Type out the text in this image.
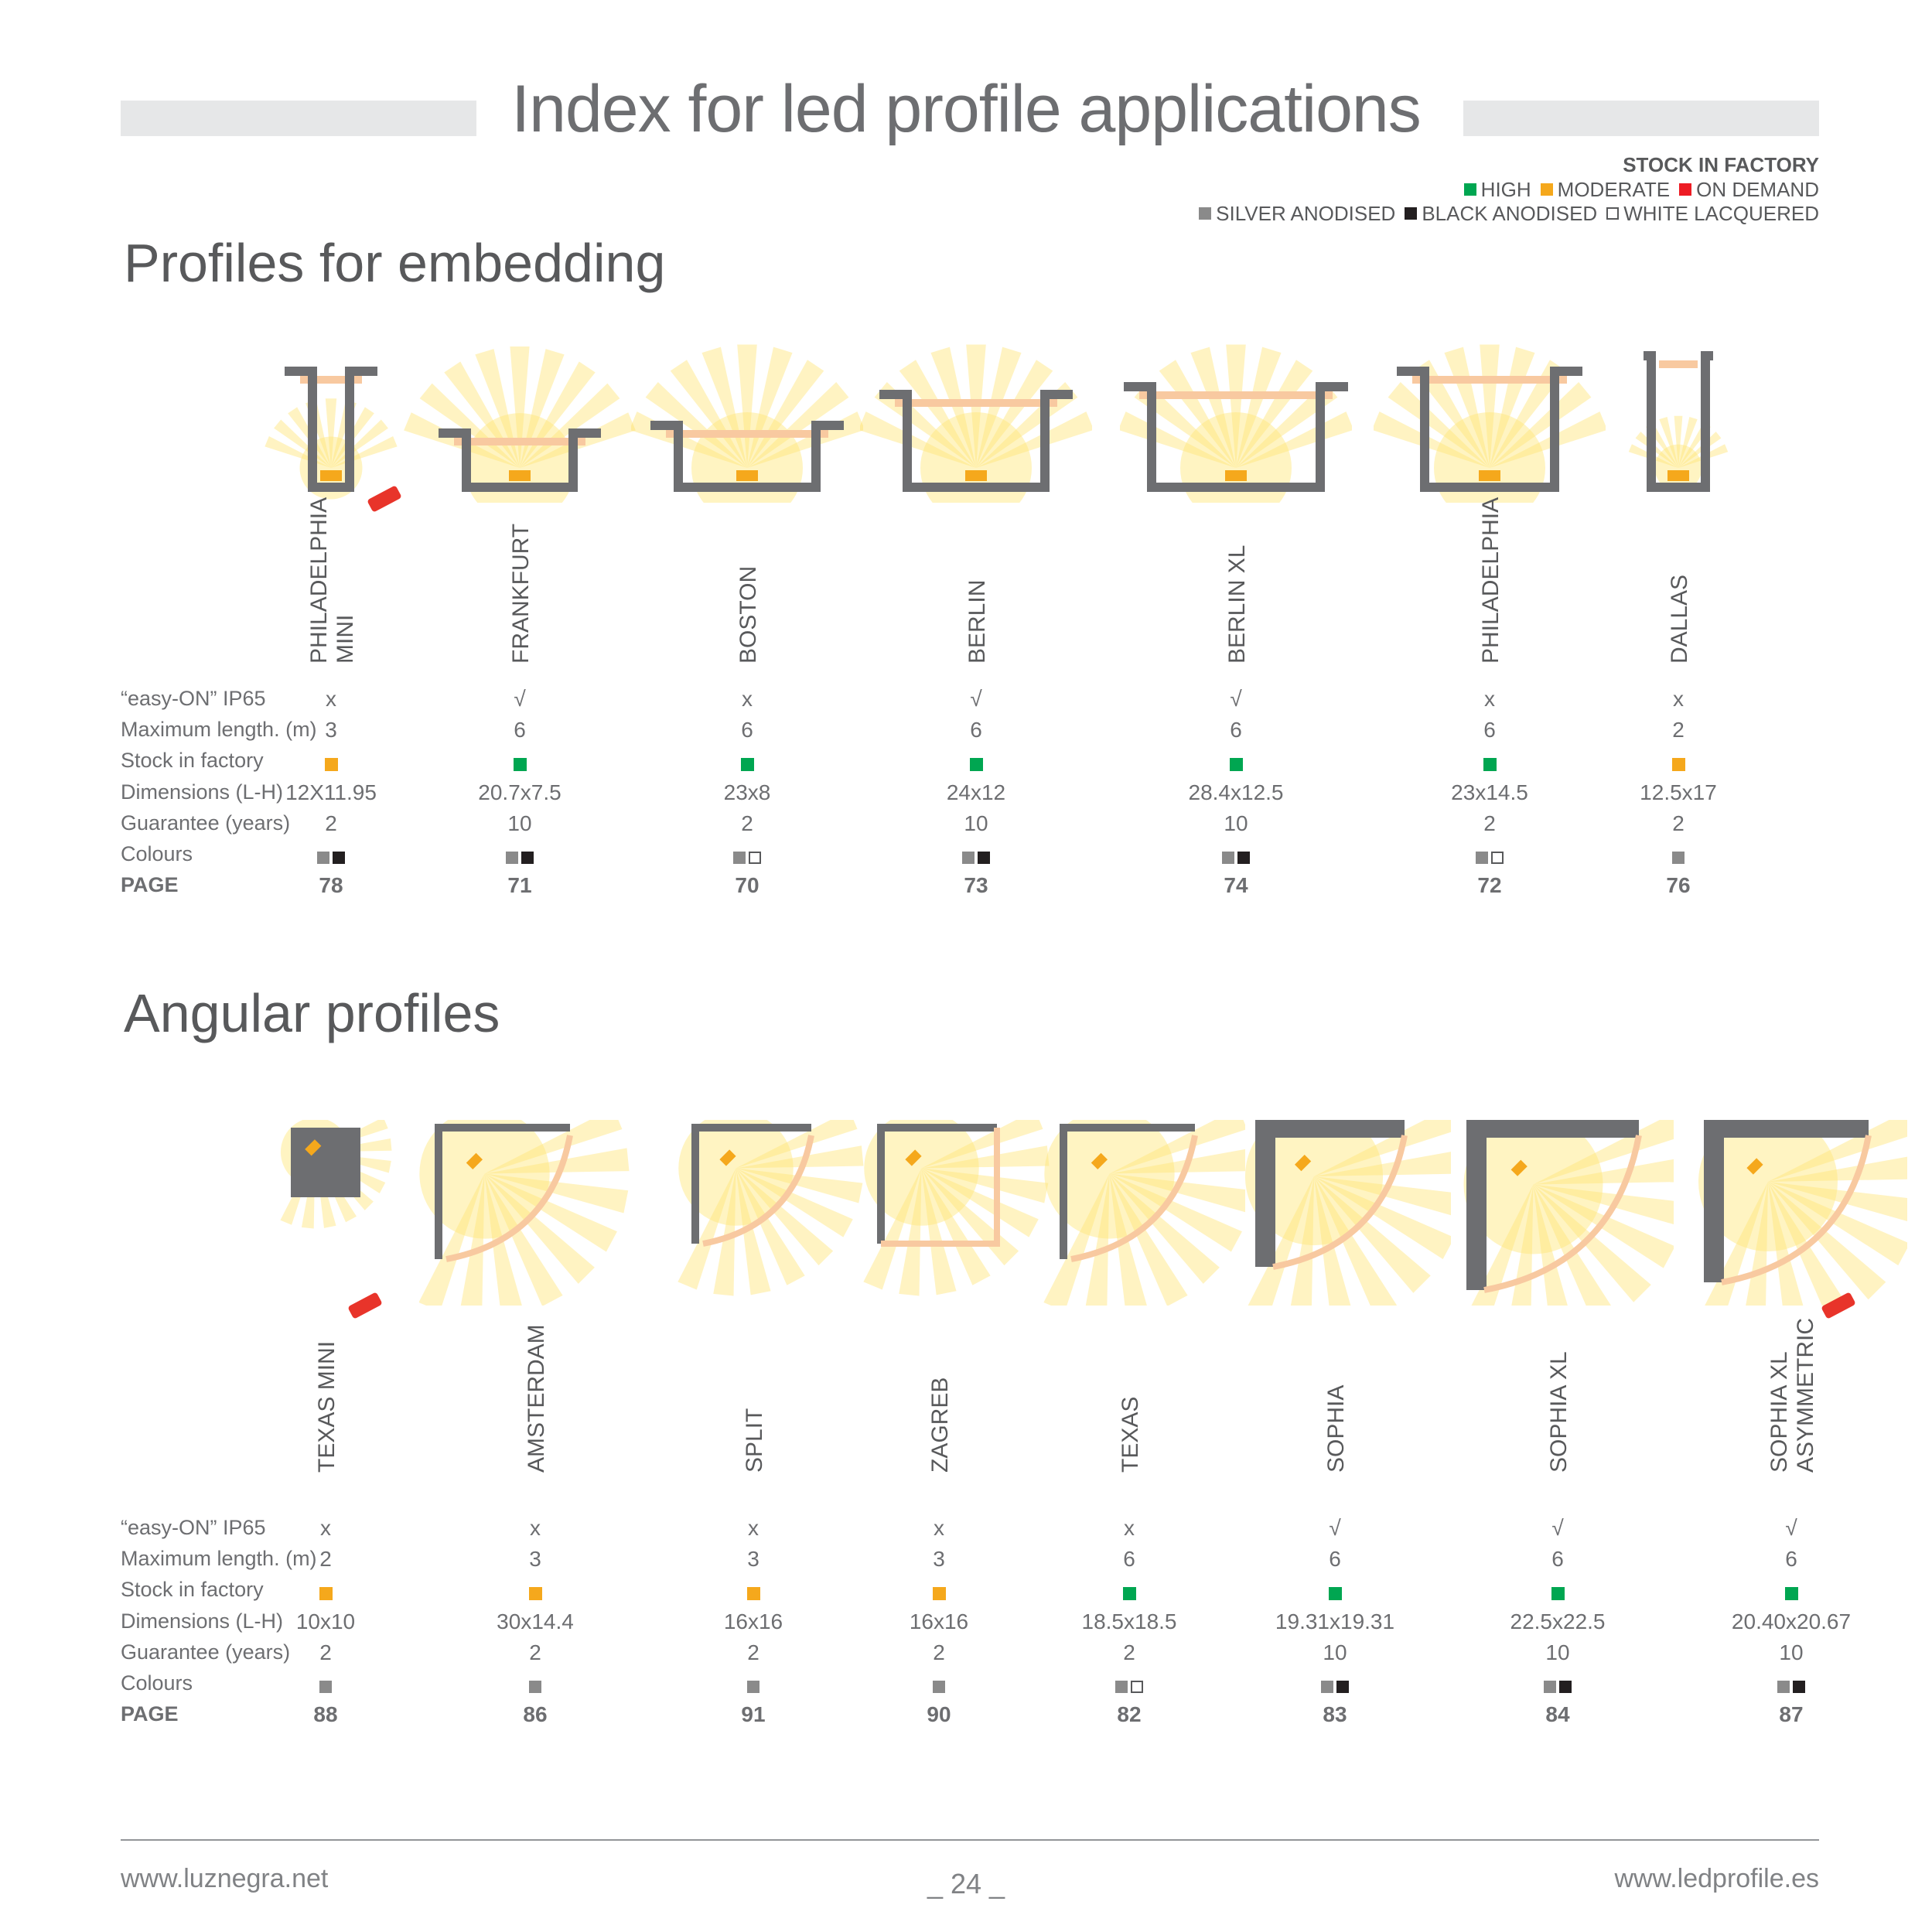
Index for led profile applications
STOCK IN FACTORY
HIGH MODERATE ON DEMAND
SILVER ANODISED BLACK ANODISED WHITE LACQUERED
Profiles for embedding
“easy-ON” IP65
Maximum length. (m)
Stock in factory
Dimensions (L-H)
Guarantee (years)
Colours
PAGE
PHILADELPHIA
MINI
x
3
12X11.95
2
78
FRANKFURT
√
6
20.7x7.5
10
71
BOSTON
x
6
23x8
2
70
BERLIN
√
6
24x12
10
73
BERLIN XL
√
6
28.4x12.5
10
74
PHILADELPHIA
x
6
23x14.5
2
72
DALLAS
x
2
12.5x17
2
76
Angular profiles
“easy-ON” IP65
Maximum length. (m)
Stock in factory
Dimensions (L-H)
Guarantee (years)
Colours
PAGE
TEXAS MINI
x
2
10x10
2
88
AMSTERDAM
x
3
30x14.4
2
86
SPLIT
x
3
16x16
2
91
ZAGREB
x
3
16x16
2
90
TEXAS
x
6
18.5x18.5
2
82
SOPHIA
√
6
19.31x19.31
10
83
SOPHIA XL
√
6
22.5x22.5
10
84
SOPHIA XL
ASYMMETRIC
√
6
20.40x20.67
10
87
www.luznegra.net	_ 24 _	www.ledprofile.es
